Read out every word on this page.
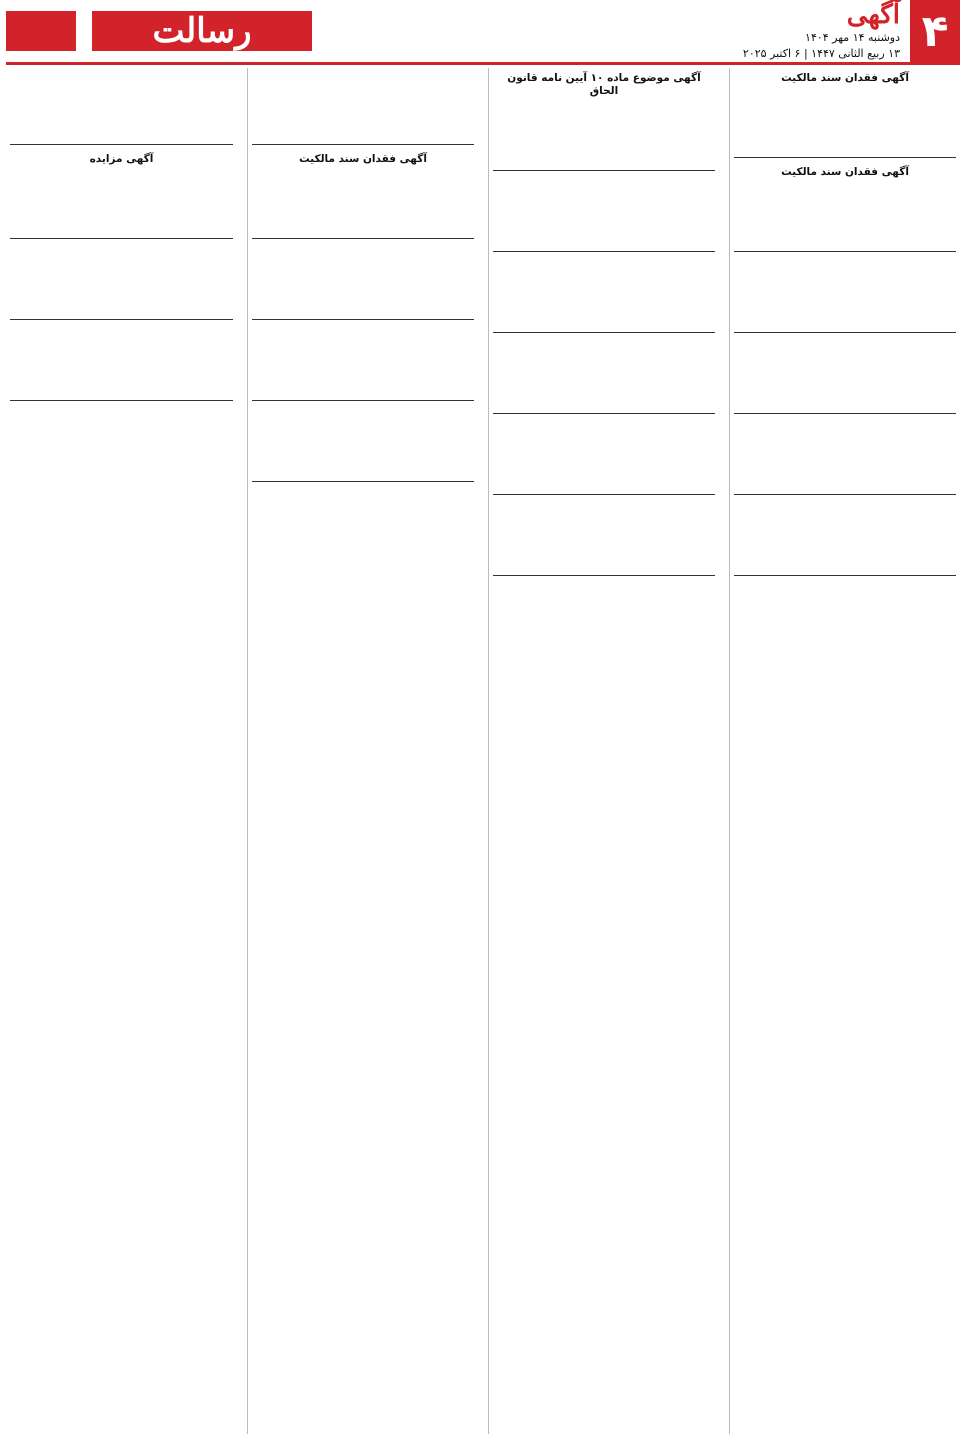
۴
آگهی
دوشنبه ۱۴ مهر ۱۴۰۴
۱۳ ربیع الثانی ۱۴۴۷ | ۶ اکتبر ۲۰۲۵
رسالت
آگهی فقدان سند مالکیت
آگهی فقدان سند مالکیت
آگهی موضوع ماده ۱۰ آیین نامه قانون الحاق
آگهی فقدان سند مالکیت
آگهی مزایده
